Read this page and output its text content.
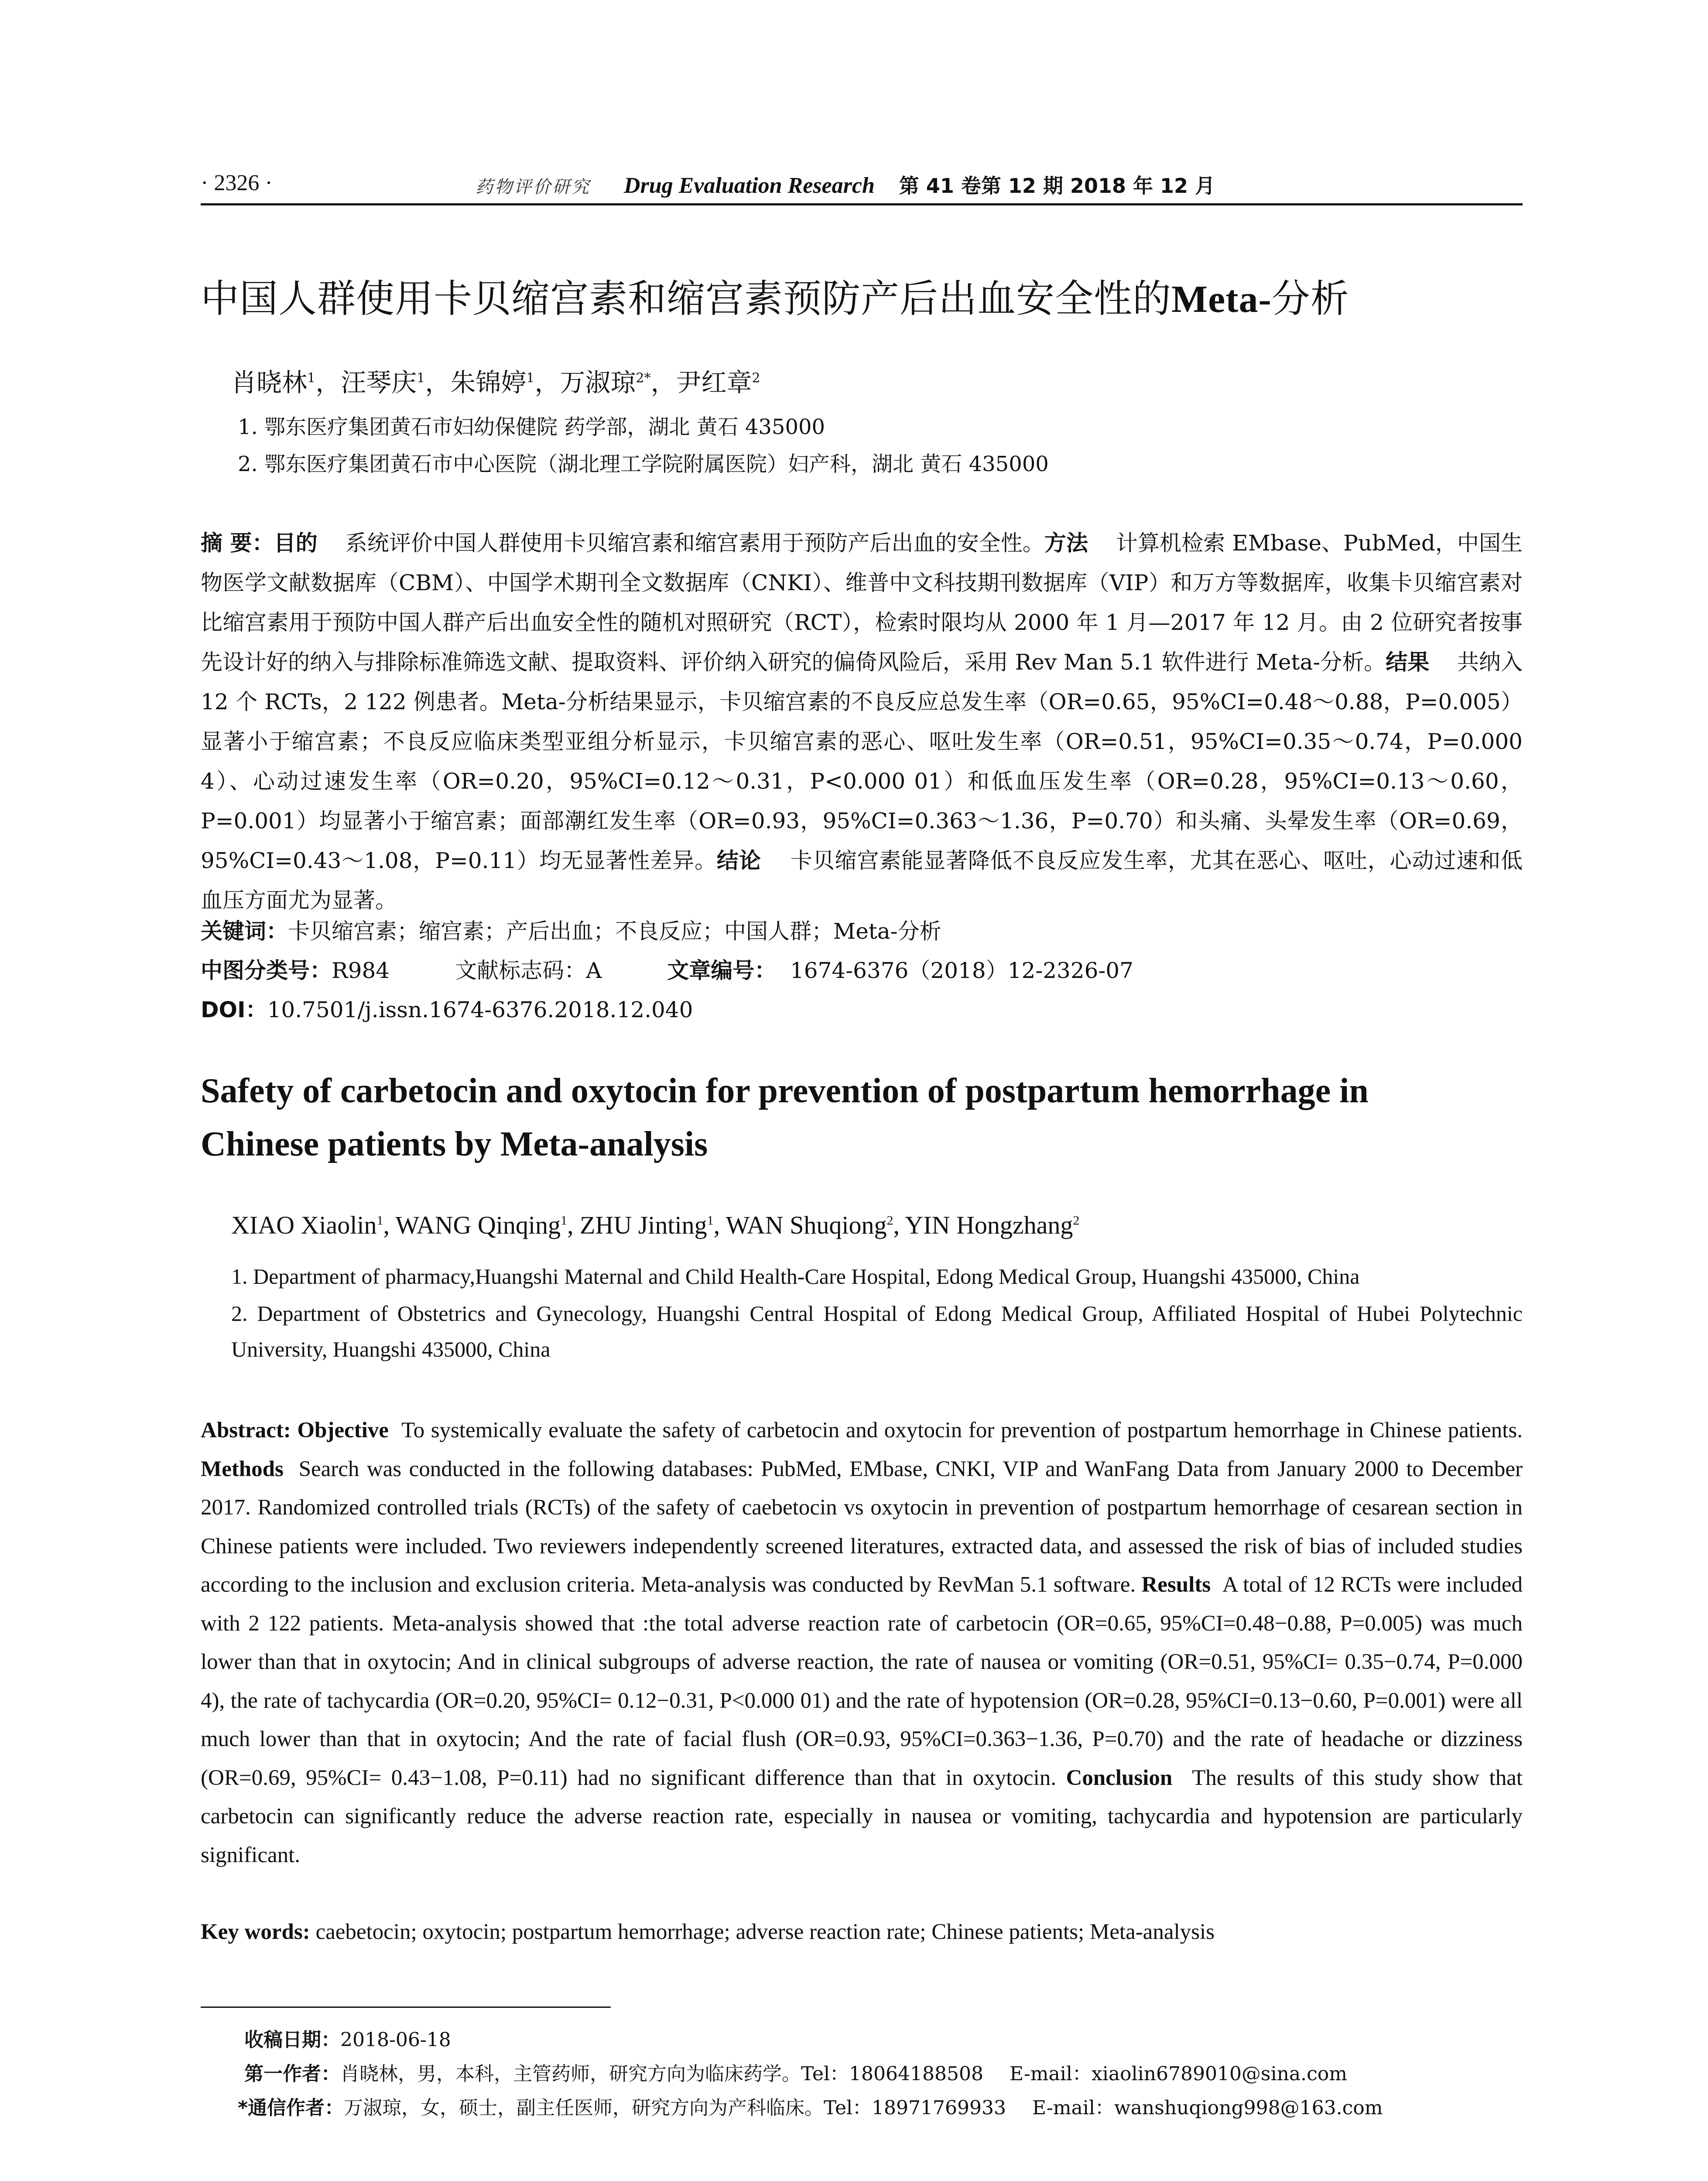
· 2326 ·	药物评价研究 Drug Evaluation Research 第 41 卷第 12 期 2018 年 12 月
中国人群使用卡贝缩宫素和缩宫素预防产后出血安全性的Meta-分析
肖晓林$^1$，汪琴庆$^1$，朱锦婷$^1$，万淑琼$^{2*}$，尹红章$^2$
1. 鄂东医疗集团黄石市妇幼保健院 药学部，湖北 黄石 435000
2. 鄂东医疗集团黄石市中心医院（湖北理工学院附属医院）妇产科，湖北 黄石 435000
摘 要：目的 系统评价中国人群使用卡贝缩宫素和缩宫素用于预防产后出血的安全性。方法 计算机检索 EMbase、PubMed，中国生物医学文献数据库（CBM）、中国学术期刊全文数据库（CNKI）、维普中文科技期刊数据库（VIP）和万方等数据库，收集卡贝缩宫素对比缩宫素用于预防中国人群产后出血安全性的随机对照研究（RCT），检索时限均从 2000 年 1 月—2017 年 12 月。由 2 位研究者按事先设计好的纳入与排除标准筛选文献、提取资料、评价纳入研究的偏倚风险后，采用 Rev Man 5.1 软件进行 Meta-分析。结果 共纳入 12 个 RCTs，2 122 例患者。Meta-分析结果显示，卡贝缩宫素的不良反应总发生率（OR=0.65，95%CI=0.48～0.88，P=0.005）显著小于缩宫素；不良反应临床类型亚组分析显示，卡贝缩宫素的恶心、呕吐发生率（OR=0.51，95%CI=0.35～0.74，P=0.000 4）、心动过速发生率（OR=0.20，95%CI=0.12～0.31，P<0.000 01）和低血压发生率（OR=0.28，95%CI=0.13～0.60，P=0.001）均显著小于缩宫素；面部潮红发生率（OR=0.93，95%CI=0.363～1.36，P=0.70）和头痛、头晕发生率（OR=0.69，95%CI=0.43～1.08，P=0.11）均无显著性差异。结论 卡贝缩宫素能显著降低不良反应发生率，尤其在恶心、呕吐，心动过速和低血压方面尤为显著。
关键词：卡贝缩宫素；缩宫素；产后出血；不良反应；中国人群；Meta-分析
中图分类号：R984	文献标志码：A	文章编号： 1674-6376（2018）12-2326-07
DOI：10.7501/j.issn.1674-6376.2018.12.040
Safety of carbetocin and oxytocin for prevention of postpartum hemorrhage in
Chinese patients by Meta-analysis
XIAO Xiaolin$^1$, WANG Qinqing$^1$, ZHU Jinting$^1$, WAN Shuqiong$^2$, YIN Hongzhang$^2$
1. Department of pharmacy,Huangshi Maternal and Child Health-Care Hospital, Edong Medical Group, Huangshi 435000, China
2. Department of Obstetrics and Gynecology, Huangshi Central Hospital of Edong Medical Group, Affiliated Hospital of Hubei Polytechnic University, Huangshi 435000, China
Abstract: Objective To systemically evaluate the safety of carbetocin and oxytocin for prevention of postpartum hemorrhage in Chinese patients. Methods Search was conducted in the following databases: PubMed, EMbase, CNKI, VIP and WanFang Data from January 2000 to December 2017. Randomized controlled trials (RCTs) of the safety of caebetocin vs oxytocin in prevention of postpartum hemorrhage of cesarean section in Chinese patients were included. Two reviewers independently screened literatures, extracted data, and assessed the risk of bias of included studies according to the inclusion and exclusion criteria. Meta-analysis was conducted by RevMan 5.1 software. Results A total of 12 RCTs were included with 2 122 patients. Meta-analysis showed that :the total adverse reaction rate of carbetocin (OR=0.65, 95%CI=0.48−0.88, P=0.005) was much lower than that in oxytocin; And in clinical subgroups of adverse reaction, the rate of nausea or vomiting (OR=0.51, 95%CI= 0.35−0.74, P=0.000 4), the rate of tachycardia (OR=0.20, 95%CI= 0.12−0.31, P<0.000 01) and the rate of hypotension (OR=0.28, 95%CI=0.13−0.60, P=0.001) were all much lower than that in oxytocin; And the rate of facial flush (OR=0.93, 95%CI=0.363−1.36, P=0.70) and the rate of headache or dizziness (OR=0.69, 95%CI= 0.43−1.08, P=0.11) had no significant difference than that in oxytocin. Conclusion The results of this study show that carbetocin can significantly reduce the adverse reaction rate, especially in nausea or vomiting, tachycardia and hypotension are particularly significant.
Key words: caebetocin; oxytocin; postpartum hemorrhage; adverse reaction rate; Chinese patients; Meta-analysis
收稿日期：2018-06-18
第一作者：肖晓林，男，本科，主管药师，研究方向为临床药学。Tel：18064188508 E-mail：xiaolin6789010@sina.com
*通信作者：万淑琼，女，硕士，副主任医师，研究方向为产科临床。Tel：18971769933 E-mail：wanshuqiong998@163.com
